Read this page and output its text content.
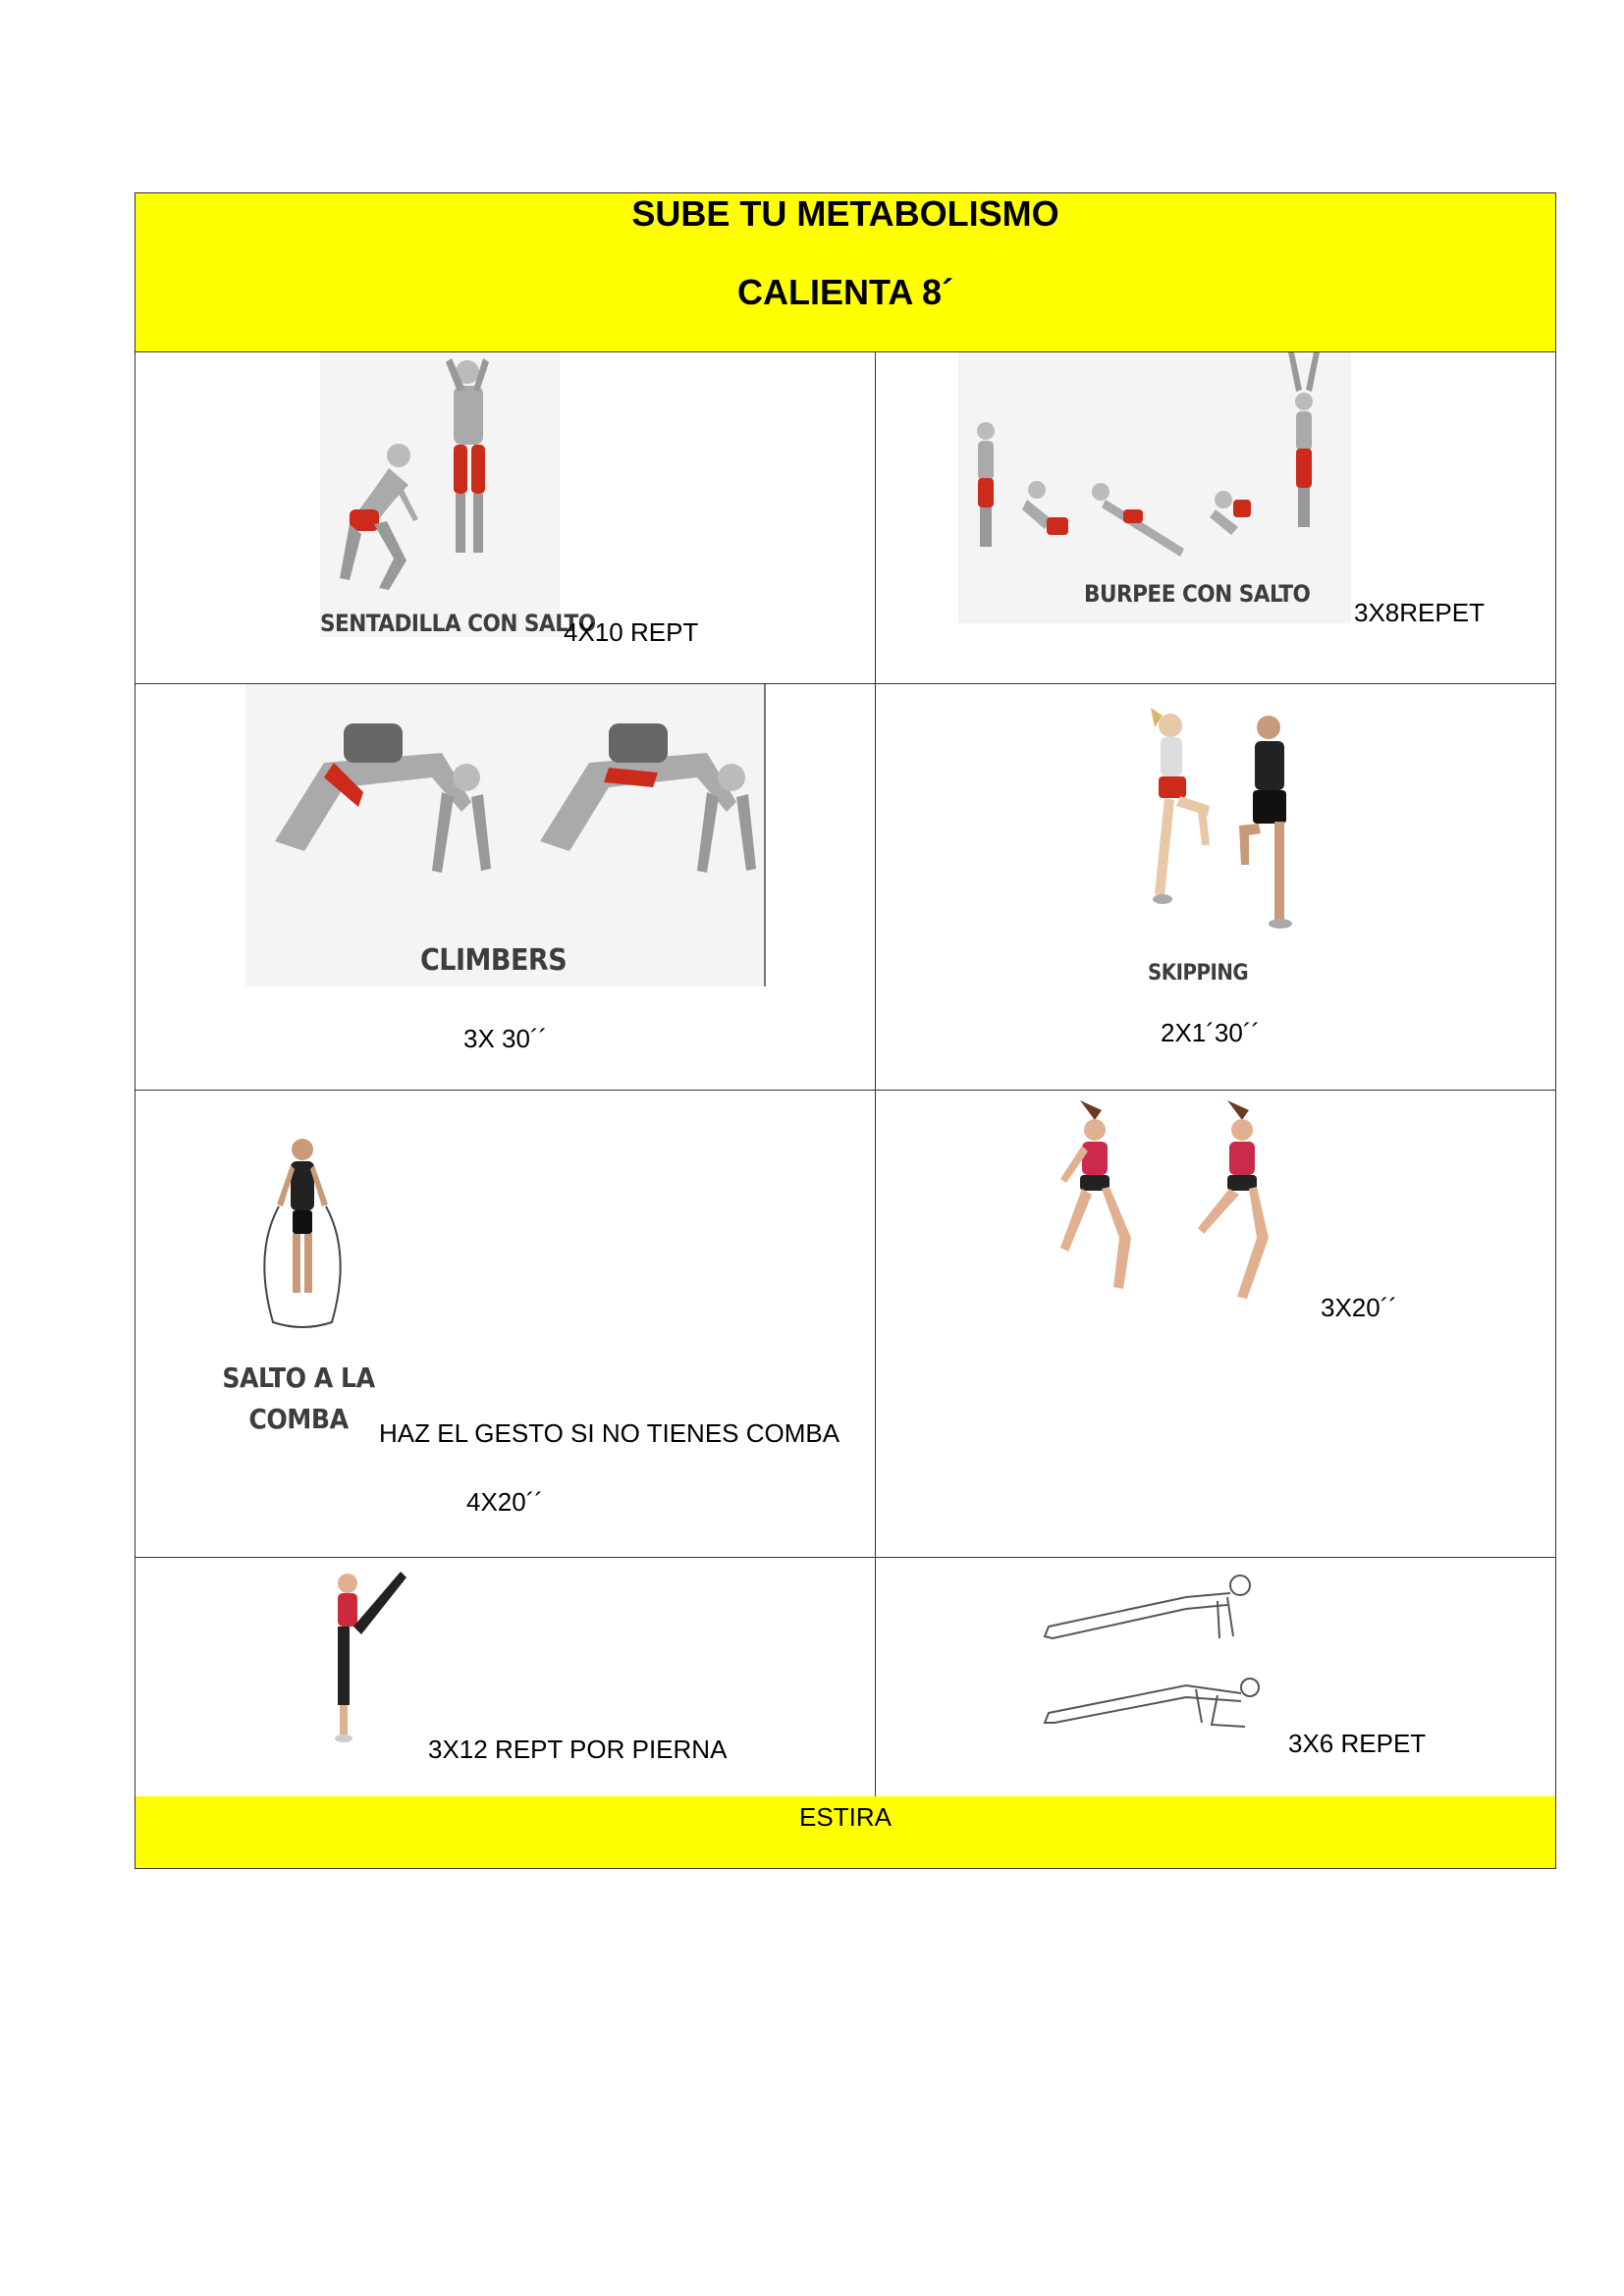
SUBE TU METABOLISMO
CALIENTA 8´
SENTADILLA CON SALTO
4X10 REPT
BURPEE CON SALTO
3X8REPET
CLIMBERS
3X 30´´
SKIPPING
2X1´30´´
SALTO A LA COMBA	HAZ EL GESTO SI NO TIENES COMBA
4X20´´
3X20´´
3X12 REPT POR PIERNA	3X6 REPET
ESTIRA
